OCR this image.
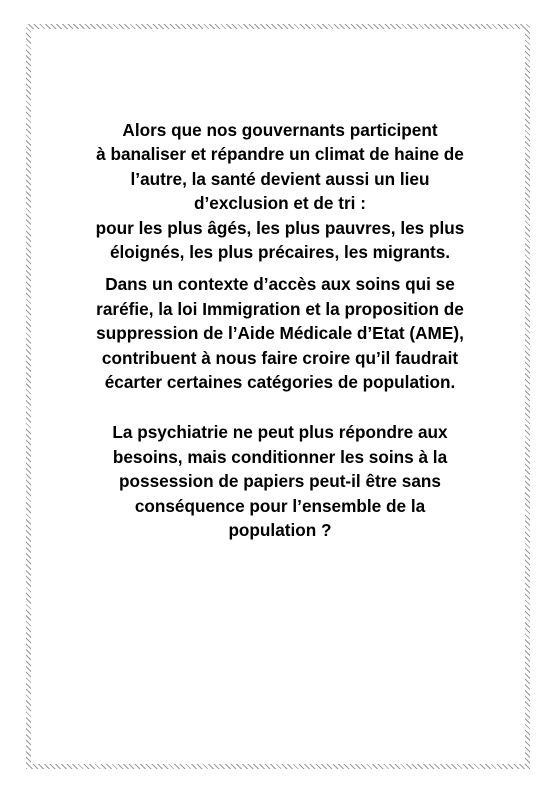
Alors que nos gouvernants participent
à banaliser et répandre un climat de haine de
l’autre, la santé devient aussi un lieu
d’exclusion et de tri :
pour les plus âgés, les plus pauvres, les plus
éloignés, les plus précaires, les migrants.

Dans un contexte d’accès aux soins qui se
raréfie, la loi Immigration et la proposition de
suppression de l’Aide Médicale d’Etat (AME),
contribuent à nous faire croire qu’il faudrait
écarter certaines catégories de population.

La psychiatrie ne peut plus répondre aux
besoins, mais conditionner les soins à la
possession de papiers peut-il être sans
conséquence pour l’ensemble de la
population ?
